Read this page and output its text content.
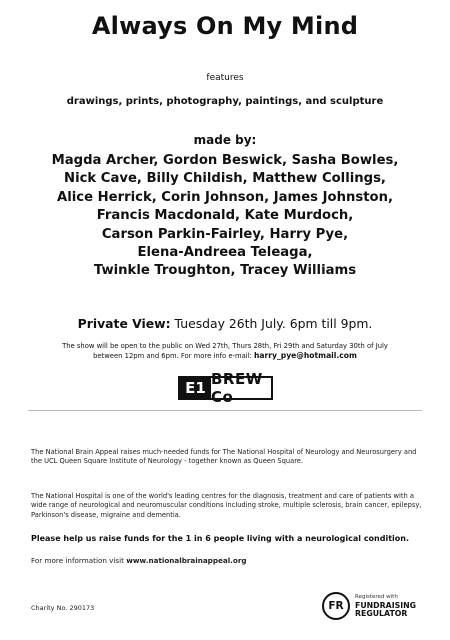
Always On My Mind
features
drawings, prints, photography, paintings, and sculpture
made by:
Magda Archer, Gordon Beswick, Sasha Bowles,
Nick Cave, Billy Childish, Matthew Collings,
Alice Herrick, Corin Johnson, James Johnston,
Francis Macdonald, Kate Murdoch,
Carson Parkin-Fairley, Harry Pye,
Elena-Andreea Teleaga,
Twinkle Troughton, Tracey Williams
Private View: Tuesday 26th July. 6pm till 9pm.
The show will be open to the public on Wed 27th, Thurs 28th, Fri 29th and Saturday 30th of July
between 12pm and 6pm. For more info e-mail: harry_pye@hotmail.com
E1 BREW Co
The National Brain Appeal raises much-needed funds for The National Hospital of Neurology and Neurosurgery and the UCL Queen Square Institute of Neurology - together known as Queen Square.
The National Hospital is one of the world's leading centres for the diagnosis, treatment and care of patients with a wide range of neurological and neuromuscular conditions including stroke, multiple sclerosis, brain cancer, epilepsy, Parkinson's disease, migraine and dementia.
Please help us raise funds for the 1 in 6 people living with a neurological condition.
For more information visit www.nationalbrainappeal.org
Charity No. 290173	FR
Registered with
FUNDRAISING
REGULATOR
